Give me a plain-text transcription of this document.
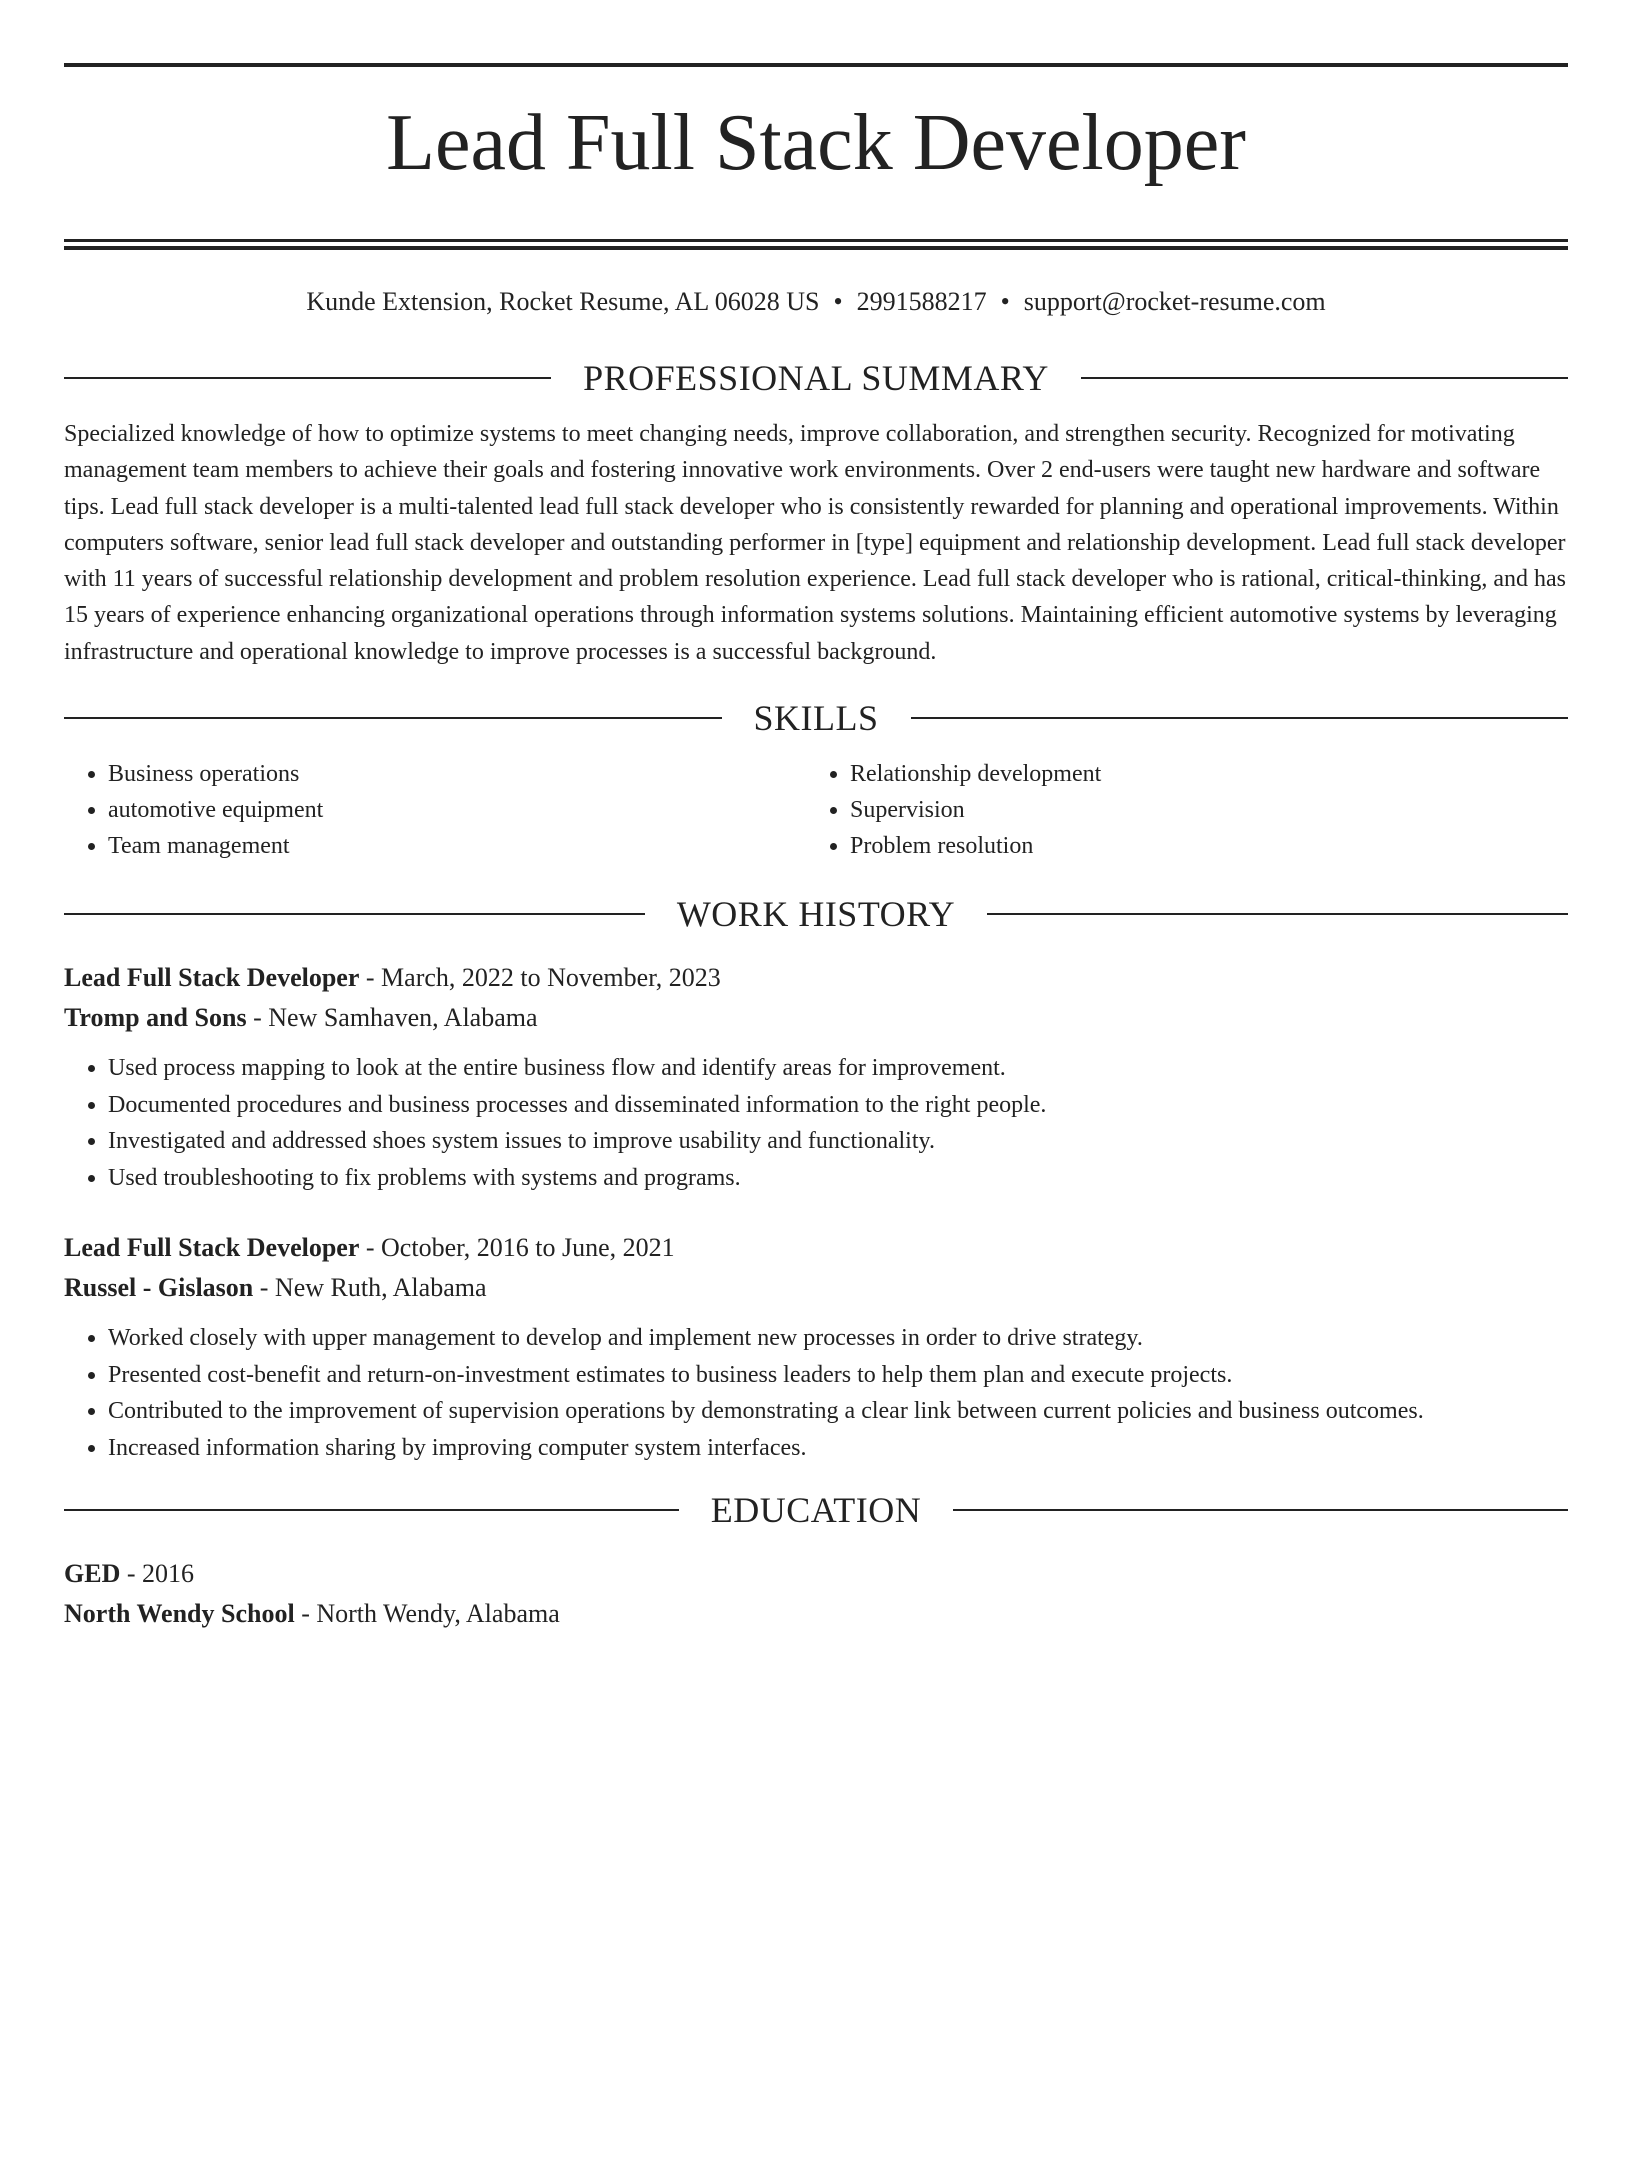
Lead Full Stack Developer
Kunde Extension, Rocket Resume, AL 06028 US • 2991588217 • support@rocket-resume.com
PROFESSIONAL SUMMARY
Specialized knowledge of how to optimize systems to meet changing needs, improve collaboration, and strengthen security. Recognized for motivating management team members to achieve their goals and fostering innovative work environments. Over 2 end-users were taught new hardware and software tips. Lead full stack developer is a multi-talented lead full stack developer who is consistently rewarded for planning and operational improvements. Within computers software, senior lead full stack developer and outstanding performer in [type] equipment and relationship development. Lead full stack developer with 11 years of successful relationship development and problem resolution experience. Lead full stack developer who is rational, critical-thinking, and has 15 years of experience enhancing organizational operations through information systems solutions. Maintaining efficient automotive systems by leveraging infrastructure and operational knowledge to improve processes is a successful background.
SKILLS
• Business operations
• automotive equipment
• Team management
• Relationship development
• Supervision
• Problem resolution
WORK HISTORY
Lead Full Stack Developer - March, 2022 to November, 2023
Tromp and Sons - New Samhaven, Alabama
• Used process mapping to look at the entire business flow and identify areas for improvement.
• Documented procedures and business processes and disseminated information to the right people.
• Investigated and addressed shoes system issues to improve usability and functionality.
• Used troubleshooting to fix problems with systems and programs.
Lead Full Stack Developer - October, 2016 to June, 2021
Russel - Gislason - New Ruth, Alabama
• Worked closely with upper management to develop and implement new processes in order to drive strategy.
• Presented cost-benefit and return-on-investment estimates to business leaders to help them plan and execute projects.
• Contributed to the improvement of supervision operations by demonstrating a clear link between current policies and business outcomes.
• Increased information sharing by improving computer system interfaces.
EDUCATION
GED - 2016
North Wendy School - North Wendy, Alabama
